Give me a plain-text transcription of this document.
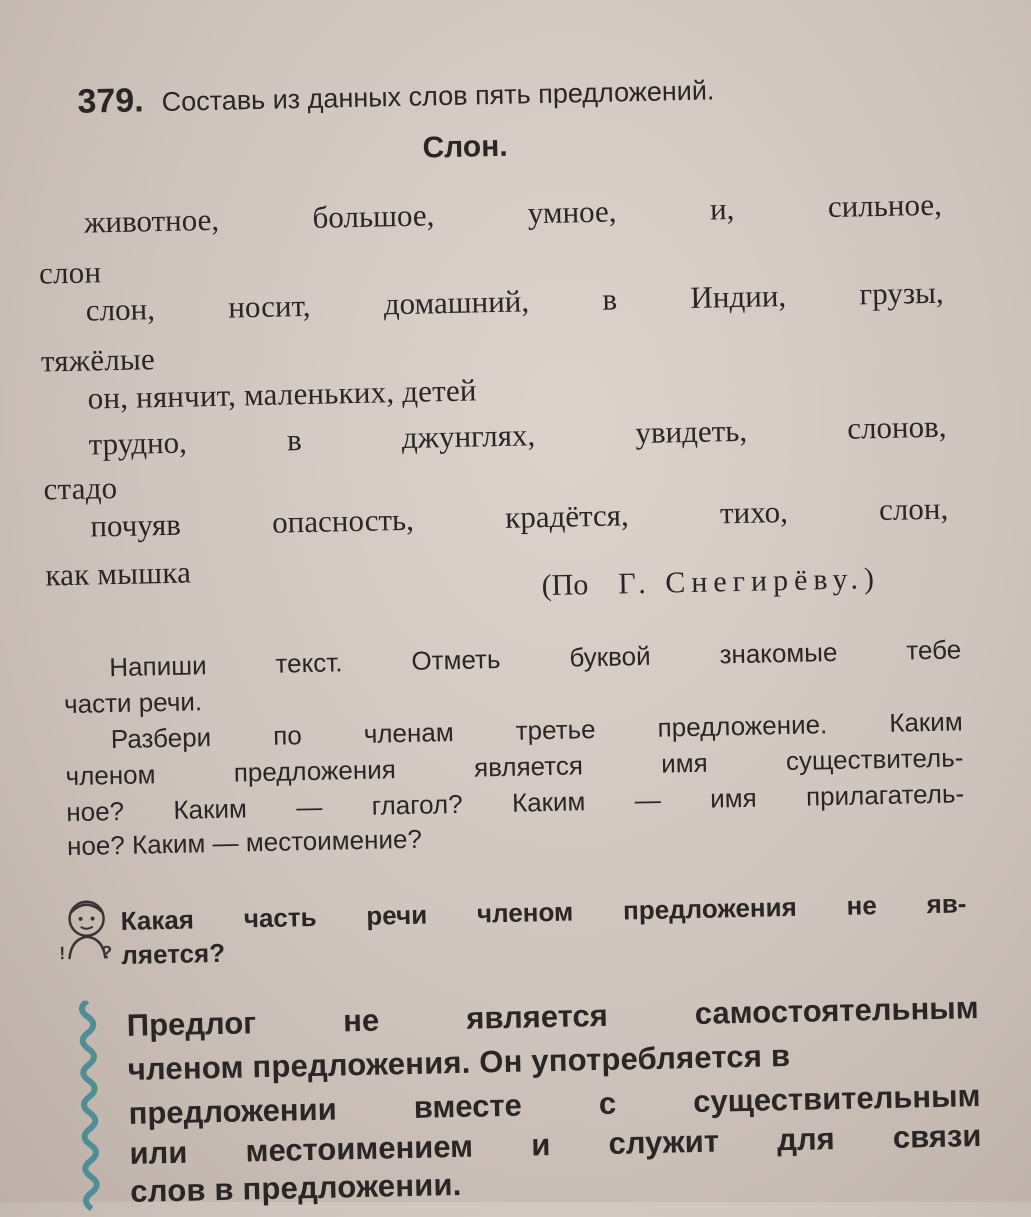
379. Составь из данных слов пять предложений.
Слон.
животное,	большое,	умное,	и,	сильное,
слон
слон, носит, домашний, в Индии, грузы,
тяжёлые
он, нянчит, маленьких, детей
трудно,	в	джунглях,	увидеть,	слонов,
стадо
почуяв	опасность,	крадётся,	тихо,	слон,
как мышка	(По Г. Снегирёву.)
Напиши	текст.	Отметь	буквой	знакомые	тебе
части речи.
Разбери по членам третье предложение. Каким
членом	предложения	является	имя	существитель-
ное? Каким — глагол? Каким — имя прилагатель-
ное? Каким — местоимение?
! ?
Какая часть речи членом предложения не яв-
ляется?
Предлог	не	является	самостоятельным
членом предложения. Он употребляется в
предложении вместе с существительным
или местоимением и служит для связи
слов в предложении.
